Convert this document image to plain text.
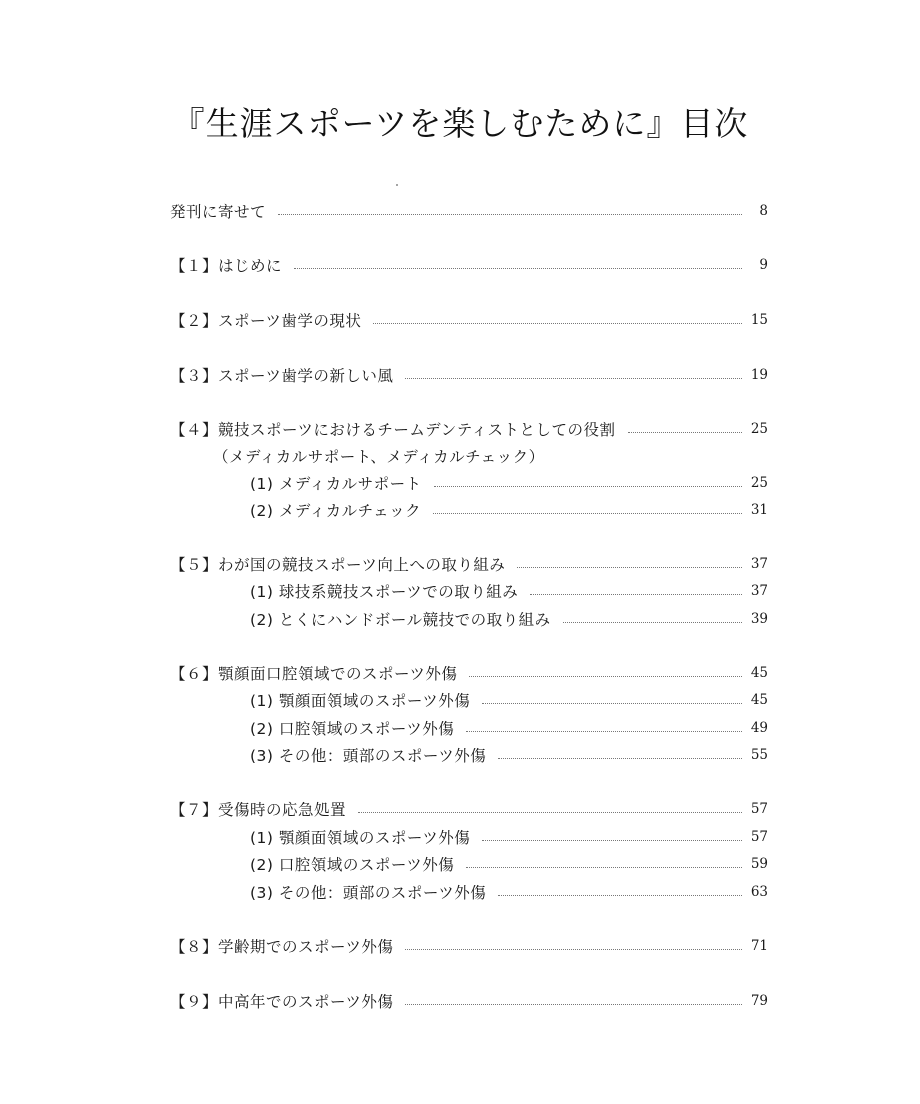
『生涯スポーツを楽しむために』目次
発刊に寄せて	8
【１】はじめに	9
【２】スポーツ歯学の現状	15
【３】スポーツ歯学の新しい風	19
【４】競技スポーツにおけるチームデンティストとしての役割	25
（メディカルサポート、メディカルチェック）
(1) メディカルサポート	25
(2) メディカルチェック	31
【５】わが国の競技スポーツ向上への取り組み	37
(1) 球技系競技スポーツでの取り組み	37
(2) とくにハンドボール競技での取り組み	39
【６】顎顔面口腔領域でのスポーツ外傷	45
(1) 顎顔面領域のスポーツ外傷	45
(2) 口腔領域のスポーツ外傷	49
(3) その他：頭部のスポーツ外傷	55
【７】受傷時の応急処置	57
(1) 顎顔面領域のスポーツ外傷	57
(2) 口腔領域のスポーツ外傷	59
(3) その他：頭部のスポーツ外傷	63
【８】学齢期でのスポーツ外傷	71
【９】中高年でのスポーツ外傷	79
